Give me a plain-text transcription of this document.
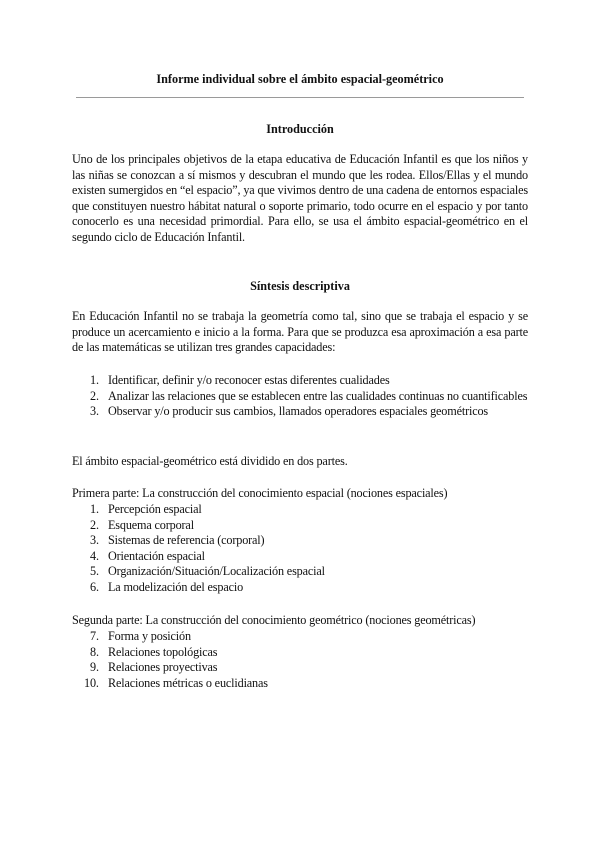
Informe individual sobre el ámbito espacial-geométrico
Introducción
Uno de los principales objetivos de la etapa educativa de Educación Infantil es que los niños y las niñas se conozcan a sí mismos y descubran el mundo que les rodea. Ellos/Ellas y el mundo existen sumergidos en “el espacio”, ya que vivimos dentro de una cadena de entornos espaciales que constituyen nuestro hábitat natural o soporte primario, todo ocurre en el espacio y por tanto conocerlo es una necesidad primordial. Para ello, se usa el ámbito espacial-geométrico en el segundo ciclo de Educación Infantil.
Síntesis descriptiva
En Educación Infantil no se trabaja la geometría como tal, sino que se trabaja el espacio y se produce un acercamiento e inicio a la forma. Para que se produzca esa aproximación a esa parte de las matemáticas se utilizan tres grandes capacidades:
1. Identificar, definir y/o reconocer estas diferentes cualidades
2. Analizar las relaciones que se establecen entre las cualidades continuas no cuantificables
3. Observar y/o producir sus cambios, llamados operadores espaciales geométricos
El ámbito espacial-geométrico está dividido en dos partes.
Primera parte: La construcción del conocimiento espacial (nociones espaciales)
1. Percepción espacial
2. Esquema corporal
3. Sistemas de referencia (corporal)
4. Orientación espacial
5. Organización/Situación/Localización espacial
6. La modelización del espacio
Segunda parte: La construcción del conocimiento geométrico (nociones geométricas)
7. Forma y posición
8. Relaciones topológicas
9. Relaciones proyectivas
10. Relaciones métricas o euclidianas
